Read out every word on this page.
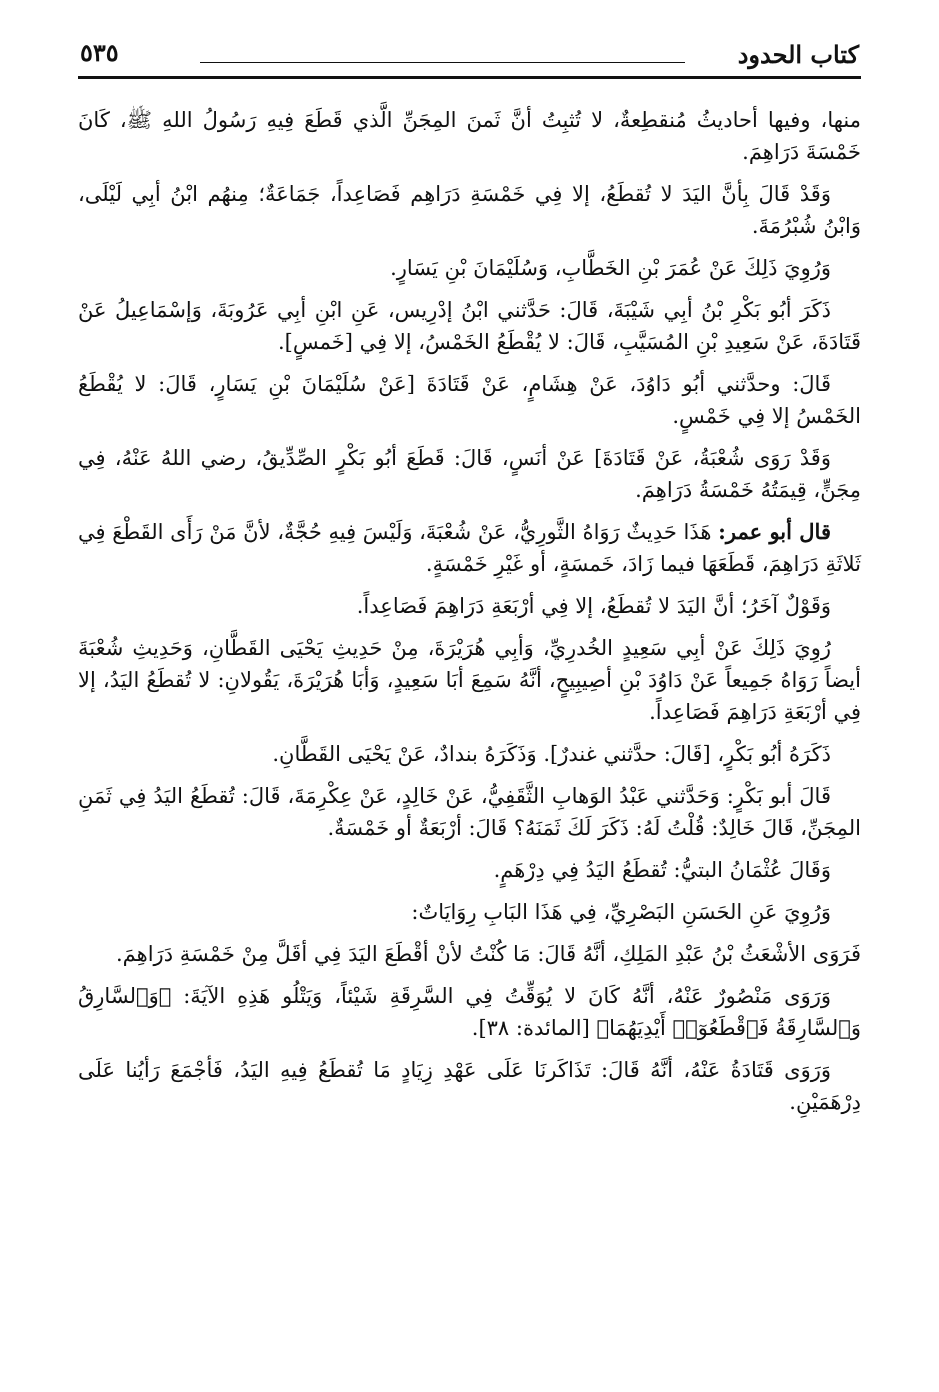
كتاب الحدود
٥٣٥

منها، وفيها أحاديثُ مُنقطِعةٌ، لا تُثبِتُ أنَّ ثَمنَ المِجَنِّ الَّذي قَطَعَ فِيهِ رَسُولُ اللهِ ﷺ، كَانَ خَمْسَةَ دَرَاهِمَ.

وَقَدْ قَالَ بِأنَّ اليَدَ لا تُقطَعُ، إلا فِي خَمْسَةِ دَرَاهِم فَصَاعِداً، جَمَاعَةٌ؛ مِنهُم ابْنُ أبِي لَيْلَى، وَابْنُ شُبْرُمَةَ.

وَرُوِيَ ذَلِكَ عَنْ عُمَرَ بْنِ الخَطَّابِ، وَسُلَيْمَانَ بْنِ يَسَارٍ.

ذَكَرَ أبُو بَكْرِ بْنُ أبِي شَيْبَةَ، قَالَ: حَدَّثني ابْنُ إدْرِيس، عَنِ ابْنِ أبِي عَرُوبَةَ، وَإسْمَاعِيلُ عَنْ قَتَادَةَ، عَنْ سَعِيدِ بْنِ المُسَيَّبِ، قَالَ: لا يُقْطَعُ الخَمْسُ، إلا فِي [خَمسٍ].

قَالَ: وحدَّثني أبُو دَاوُدَ، عَنْ هِشَامٍ، عَنْ قَتَادَةَ [عَنْ سُلَيْمَانَ بْنِ يَسَارٍ، قَالَ: لا يُقْطَعُ الخَمْسُ إلا فِي خَمْسٍ.

وَقَدْ رَوَى شُعْبَةُ، عَنْ قَتَادَةَ] عَنْ أنَسٍ، قَالَ: قَطَعَ أبُو بَكْرٍ الصِّدِّيقُ، رضي اللهُ عَنْهُ، فِي مِجَنٍّ، قِيمَتُهُ خَمْسَةُ دَرَاهِمَ.

قال أبو عمر: هَذَا حَدِيثٌ رَوَاهُ الثَّورِيُّ، عَنْ شُعْبَةَ، وَلَيْسَ فِيهِ حُجَّةٌ، لأنَّ مَنْ رَأَى القَطْعَ فِي ثَلاثَةِ دَرَاهِمَ، قَطَعَهَا فيما زَادَ، خَمسَةٍ، أو غَيْرِ خَمْسَةٍ.

وَقَوْلٌ آخَرُ؛ أنَّ اليَدَ لا تُقطَعُ، إلا فِي أرْبَعَةِ دَرَاهِمَ فَصَاعِداً.

رُوِيَ ذَلِكَ عَنْ أبِي سَعِيدٍ الخُدرِيِّ، وَأبِي هُرَيْرَةَ، مِنْ حَدِيثِ يَحْيَى القَطَّانِ، وَحَدِيثِ شُعْبَةَ أيضاً رَوَاهُ جَمِيعاً عَنْ دَاوُدَ بْنِ أصِيبِيحٍ، أنَّهُ سَمِعَ أبَا سَعِيدٍ، وَأبَا هُرَيْرَةَ، يَقُولانِ: لا تُقطَعُ اليَدُ، إلا فِي أرْبَعَةِ دَرَاهِمَ فَصَاعِداً.

ذَكَرَهُ أبُو بَكْرٍ، [قَالَ: حدَّثني غندرٌ]. وَذَكَرَهُ بندادٌ، عَنْ يَحْيَى القَطَّانِ.

قَالَ أبو بَكْرٍ: وَحَدَّثني عَبْدُ الوَهابِ الثَّقَفِيُّ، عَنْ خَالِدٍ، عَنْ عِكْرِمَةَ، قَالَ: تُقطَعُ اليَدُ فِي ثَمَنِ المِجَنِّ، قَالَ خَالِدٌ: قُلْتُ لَهُ: ذَكَرَ لَكَ ثَمَنَهُ؟ قَالَ: أرْبَعَةٌ أو خَمْسَةٌ.

وَقَالَ عُثْمَانُ البتيُّ: تُقطَعُ اليَدُ فِي دِرْهَمٍ.

وَرُوِيَ عَنِ الحَسَنِ البَصْرِيِّ، فِي هَذَا البَابِ رِوَايَاتٌ:

فَرَوَى الأشْعَثُ بْنُ عَبْدِ المَلِكِ، أنَّهُ قَالَ: مَا كُنْتُ لأنْ أقْطَعَ اليَدَ فِي أقَلَّ مِنْ خَمْسَةِ دَرَاهِمَ.

وَرَوَى مَنْصُورٌ عَنْهُ، أنَّهُ كَانَ لا يُوَقِّتُ فِي السَّرِقَةِ شَيْئاً، وَيَتْلُو هَذِهِ الآيَةَ: ﴿وَٱلسَّارِقُ وَٱلسَّارِقَةُ فَٱقْطَعُوٓا۟ أَيْدِيَهُمَا﴾ [المائدة: ٣٨].

وَرَوَى قَتَادَةُ عَنْهُ، أنَّهُ قَالَ: تَذَاكَرنَا عَلَى عَهْدِ زِيَادٍ مَا تُقطَعُ فِيهِ اليَدُ، فَأجْمَعَ رَأيُنا عَلَى دِرْهَمَيْنِ.
